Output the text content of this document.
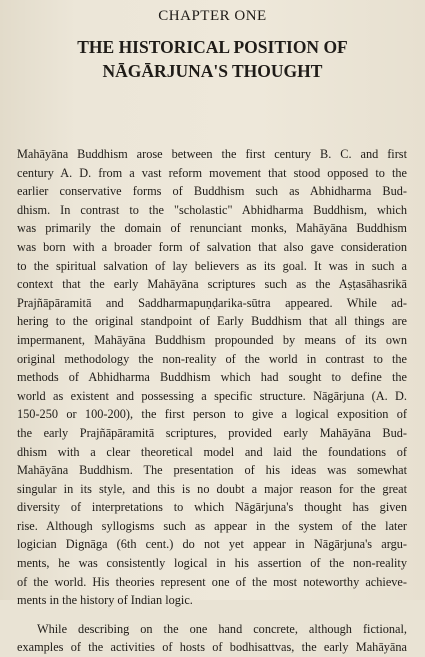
CHAPTER ONE
THE HISTORICAL POSITION OF
NĀGĀRJUNA'S THOUGHT
Mahāyāna Buddhism arose between the first century B. C. and first
century A. D. from a vast reform movement that stood opposed to the
earlier conservative forms of Buddhism such as Abhidharma Bud-
dhism. In contrast to the "scholastic" Abhidharma Buddhism, which
was primarily the domain of renunciant monks, Mahāyāna Buddhism
was born with a broader form of salvation that also gave consideration
to the spiritual salvation of lay believers as its goal. It was in such a
context that the early Mahāyāna scriptures such as the Aṣṭasāhasrikā
Prajñāpāramitā and Saddharmapuṇḍarika-sūtra appeared. While ad-
hering to the original standpoint of Early Buddhism that all things are
impermanent, Mahāyāna Buddhism propounded by means of its own
original methodology the non-reality of the world in contrast to the
methods of Abhidharma Buddhism which had sought to define the
world as existent and possessing a specific structure. Nāgārjuna (A. D.
150-250 or 100-200), the first person to give a logical exposition of
the early Prajñāpāramitā scriptures, provided early Mahāyāna Bud-
dhism with a clear theoretical model and laid the foundations of
Mahāyāna Buddhism. The presentation of his ideas was somewhat
singular in its style, and this is no doubt a major reason for the great
diversity of interpretations to which Nāgārjuna's thought has given
rise. Although syllogisms such as appear in the system of the later
logician Dignāga (6th cent.) do not yet appear in Nāgārjuna's argu-
ments, he was consistently logical in his assertion of the non-reality
of the world. His theories represent one of the most noteworthy achieve-
ments in the history of Indian logic.
While describing on the one hand concrete, although fictional,
examples of the activities of hosts of bodhisattvas, the early Mahāyāna
